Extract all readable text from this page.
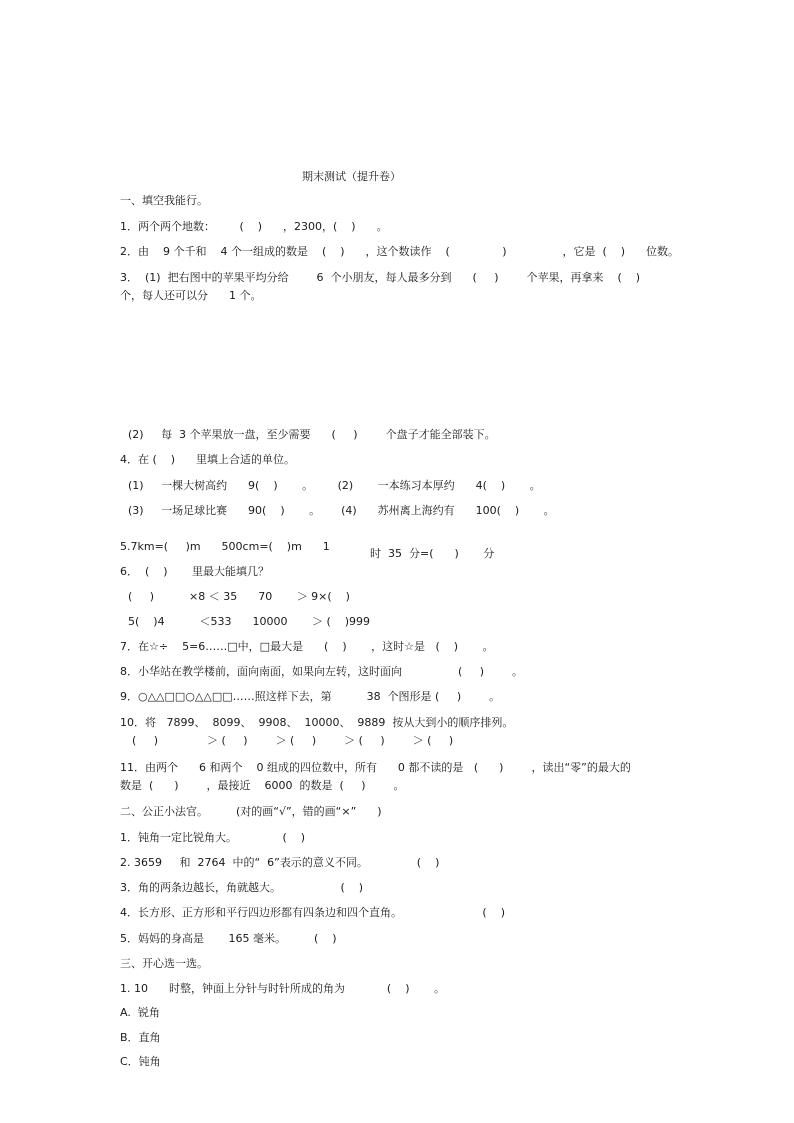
期末测试（提升卷）
一、填空我能行。
1．两个两个地数：       (    )      ，2300，(    )      。
2．由    9 个千和    4 个一组成的数是    (    )      ，这个数读作    (               )                ，它是  (    )      位数。
3．  (1)  把右图中的苹果平均分给        6  个小朋友，每人最多分到      (     )        个苹果，再拿来    (    )
个，每人还可以分      1 个。
(2)     每  3 个苹果放一盘，至少需要      (     )        个盘子才能全部装下。
4．在 (    )      里填上合适的单位。
(1)     一棵大树高约      9(    )       。       (2)       一本练习本厚约      4(    )       。
(3)     一场足球比赛      90(    )       。      (4)      苏州离上海约有      100(    )       。
5.7km=(     )m      500cm=(    )m      1
时  35  分=(      )       分
6．  (    )       里最大能填几？
(     )          ×8 ＜ 35      70       ＞ 9×(    )
5(    )4          ＜533      10000       ＞ (    )999
7．在☆÷    5=6……□中，□最大是      (    )       ，这时☆是   (    )       。
8．小华站在教学楼前，面向南面，如果向左转，这时面向                (     )        。
9．○△△□□○△△□□……照这样下去，第          38  个图形是 (     )        。
10．将   7899、  8099、  9908、  10000、  9889  按从大到小的顺序排列。
(     )              ＞ (     )        ＞ (     )        ＞ (     )        ＞ (     )
11．由两个      6 和两个    0 组成的四位数中，所有      0 都不读的是   (      )        ，读出“零”的最大的
数是  (      )        ，最接近    6000  的数是  (     )        。
二、公正小法官。        (对的画“√”，错的画“×”      )
1．钝角一定比锐角大。             (    )
2. 3659     和  2764  中的“  6”表示的意义不同。              (    )
3．角的两条边越长，角就越大。                 (    )
4．长方形、正方形和平行四边形都有四条边和四个直角。                       (    )
5．妈妈的身高是       165 毫米。        (    )
三、开心选一选。
1. 10      时整，钟面上分针与时针所成的角为            (    )       。
A.  锐角
B．直角
C．钝角
